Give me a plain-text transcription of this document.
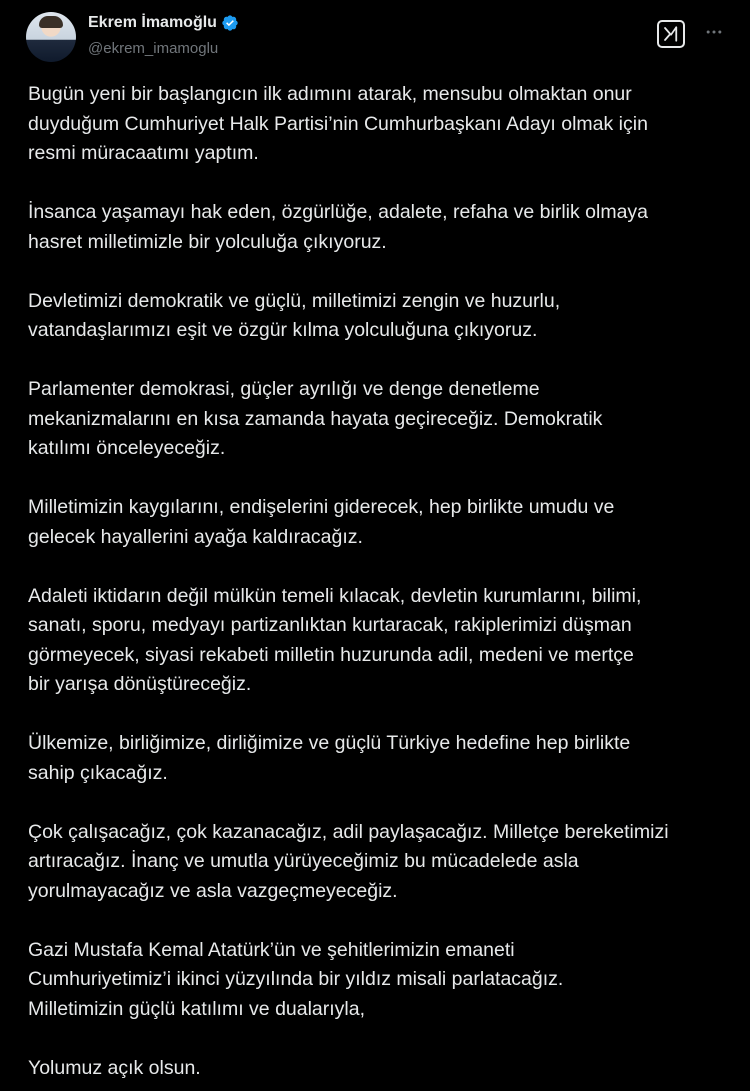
Ekrem İmamoğlu
@ekrem_imamoglu

Bugün yeni bir başlangıcın ilk adımını atarak, mensubu olmaktan onur
duyduğum Cumhuriyet Halk Partisi’nin Cumhurbaşkanı Adayı olmak için
resmi müracaatımı yaptım.

İnsanca yaşamayı hak eden, özgürlüğe, adalete, refaha ve birlik olmaya
hasret milletimizle bir yolculuğa çıkıyoruz.

Devletimizi demokratik ve güçlü, milletimizi zengin ve huzurlu,
vatandaşlarımızı eşit ve özgür kılma yolculuğuna çıkıyoruz.

Parlamenter demokrasi, güçler ayrılığı ve denge denetleme
mekanizmalarını en kısa zamanda hayata geçireceğiz. Demokratik
katılımı önceleyeceğiz.

Milletimizin kaygılarını, endişelerini giderecek, hep birlikte umudu ve
gelecek hayallerini ayağa kaldıracağız.

Adaleti iktidarın değil mülkün temeli kılacak, devletin kurumlarını, bilimi,
sanatı, sporu, medyayı partizanlıktan kurtaracak, rakiplerimizi düşman
görmeyecek, siyasi rekabeti milletin huzurunda adil, medeni ve mertçe
bir yarışa dönüştüreceğiz.

Ülkemize, birliğimize, dirliğimize ve güçlü Türkiye hedefine hep birlikte
sahip çıkacağız.

Çok çalışacağız, çok kazanacağız, adil paylaşacağız. Milletçe bereketimizi
artıracağız. İnanç ve umutla yürüyeceğimiz bu mücadelede asla
yorulmayacağız ve asla vazgeçmeyeceğiz.

Gazi Mustafa Kemal Atatürk’ün ve şehitlerimizin emaneti
Cumhuriyetimiz’i ikinci yüzyılında bir yıldız misali parlatacağız.
Milletimizin güçlü katılımı ve dualarıyla,

Yolumuz açık olsun.
